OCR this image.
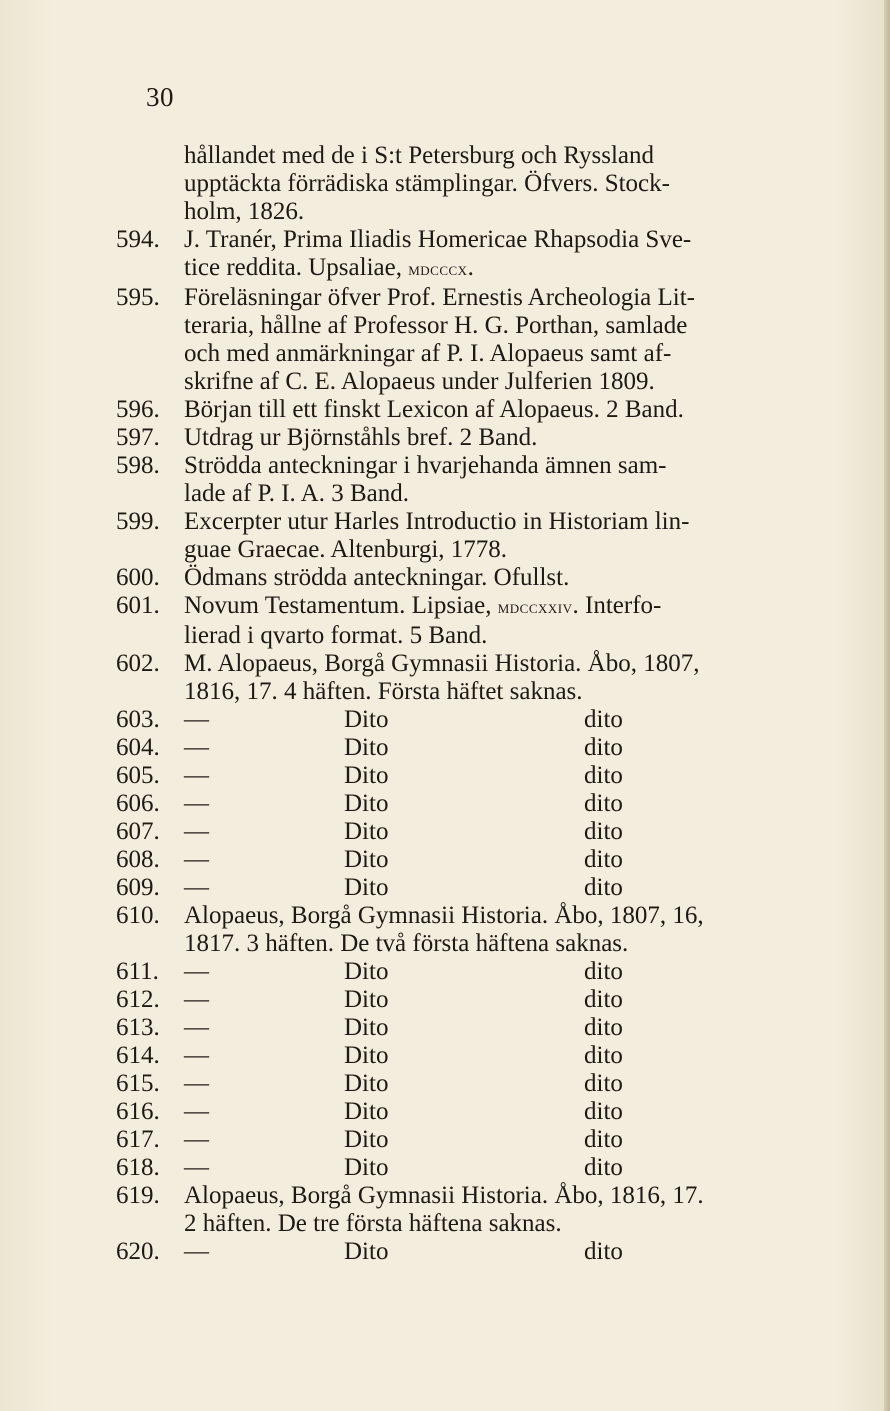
30
hållandet med de i S:t Petersburg och Ryssland
upptäckta förrädiska stämplingar. Öfvers. Stock-
holm, 1826.
594. J. Tranér, Prima Iliadis Homericae Rhapsodia Sve-
tice reddita. Upsaliae, mdcccx.
595. Föreläsningar öfver Prof. Ernestis Archeologia Lit-
teraria, hållne af Professor H. G. Porthan, samlade
och med anmärkningar af P. I. Alopaeus samt af-
skrifne af C. E. Alopaeus under Julferien 1809.
596. Början till ett finskt Lexicon af Alopaeus. 2 Band.
597. Utdrag ur Björnståhls bref. 2 Band.
598. Strödda anteckningar i hvarjehanda ämnen sam-
lade af P. I. A. 3 Band.
599. Excerpter utur Harles Introductio in Historiam lin-
guae Graecae. Altenburgi, 1778.
600. Ödmans strödda anteckningar. Ofullst.
601. Novum Testamentum. Lipsiae, mdccxxiv. Interfo-
lierad i qvarto format. 5 Band.
602. M. Alopaeus, Borgå Gymnasii Historia. Åbo, 1807,
1816, 17. 4 häften. Första häftet saknas.
603. —	Dito	dito
604. —	Dito	dito
605. —	Dito	dito
606. —	Dito	dito
607. —	Dito	dito
608. —	Dito	dito
609. —	Dito	dito
610. Alopaeus, Borgå Gymnasii Historia. Åbo, 1807, 16,
1817. 3 häften. De två första häftena saknas.
611.	—	Dito	dito
612. —	Dito	dito
613. —	Dito	dito
614. —	Dito	dito
615. —	Dito	dito
616. —	Dito	dito
617. —	Dito	dito
618. —	Dito	dito
619. Alopaeus, Borgå Gymnasii Historia. Åbo, 1816, 17.
2 häften. De tre första häftena saknas.
620. —	Dito	dito
